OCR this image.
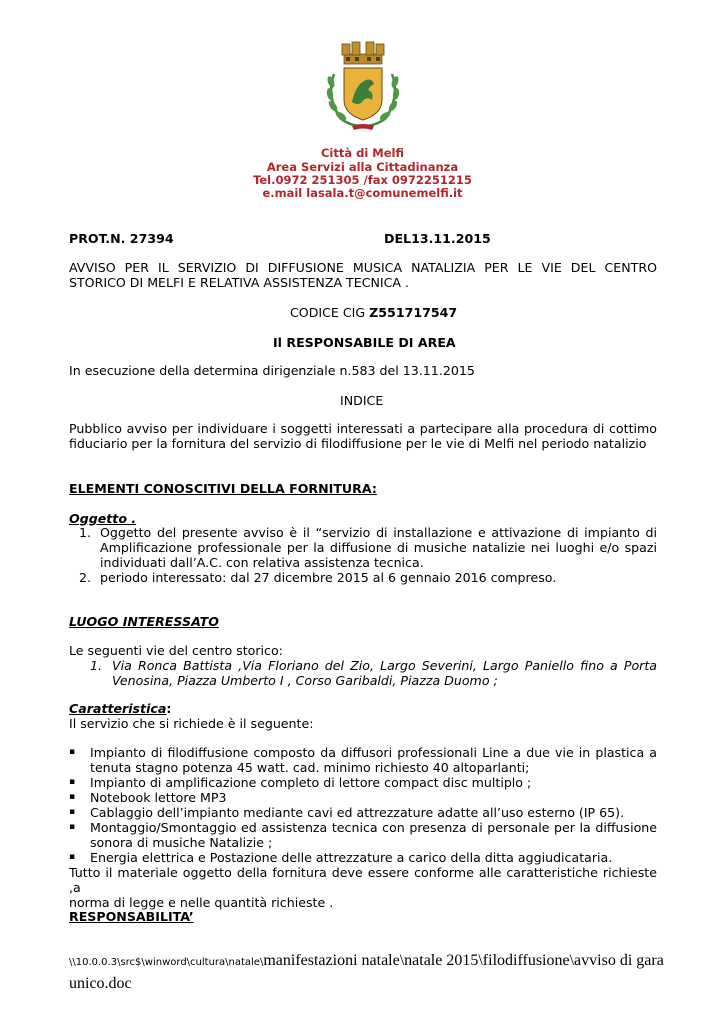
Città di Melfi

Area Servizi alla Cittadinanza

Tel.0972 251305 /fax 0972251215

e.mail lasala.t@comunemelfi.it

PROT.N. 27394	DEL13.11.2015

AVVISO PER IL SERVIZIO DI DIFFUSIONE MUSICA NATALIZIA PER LE VIE DEL CENTRO

STORICO DI MELFI E RELATIVA ASSISTENZA TECNICA .

CODICE CIG Z551717547

Il RESPONSABILE DI AREA

In esecuzione della determina dirigenziale n.583 del 13.11.2015

INDICE

Pubblico avviso per individuare i soggetti interessati a partecipare alla procedura di cottimo

fiduciario per la fornitura del servizio di filodiffusione per le vie di Melfi nel periodo natalizio

ELEMENTI CONOSCITIVI DELLA FORNITURA:

Oggetto .

1. Oggetto del presente avviso è il “servizio di installazione e attivazione di impianto di

Amplificazione professionale per la diffusione di musiche natalizie nei luoghi e/o spazi

individuati dall’A.C. con relativa assistenza tecnica.

2. periodo interessato: dal 27 dicembre 2015 al 6 gennaio 2016 compreso.

LUOGO INTERESSATO

Le seguenti vie del centro storico:

1. Via Ronca Battista ,Via Floriano del Zio, Largo Severini, Largo Paniello fino a Porta

Venosina, Piazza Umberto I , Corso Garibaldi, Piazza Duomo ;

Caratteristica:

Il servizio che si richiede è il seguente:

▪ Impianto di filodiffusione composto da diffusori professionali Line a due vie in plastica a

tenuta stagno potenza 45 watt. cad. minimo richiesto 40 altoparlanti;

▪ Impianto di amplificazione completo di lettore compact disc multiplo ;

▪ Notebook lettore MP3

▪ Cablaggio dell’impianto mediante cavi ed attrezzature adatte all’uso esterno (IP 65).

▪ Montaggio/Smontaggio ed assistenza tecnica con presenza di personale per la diffusione

sonora di musiche Natalizie ;

▪ Energia elettrica e Postazione delle attrezzature a carico della ditta aggiudicataria.

Tutto il materiale oggetto della fornitura deve essere conforme alle caratteristiche richieste ,a

norma di legge e nelle quantità richieste .

RESPONSABILITA’

\\10.0.0.3\src$\winword\cultura\natale\manifestazioni natale\natale 2015\filodiffusione\avviso di gara
unico.doc
